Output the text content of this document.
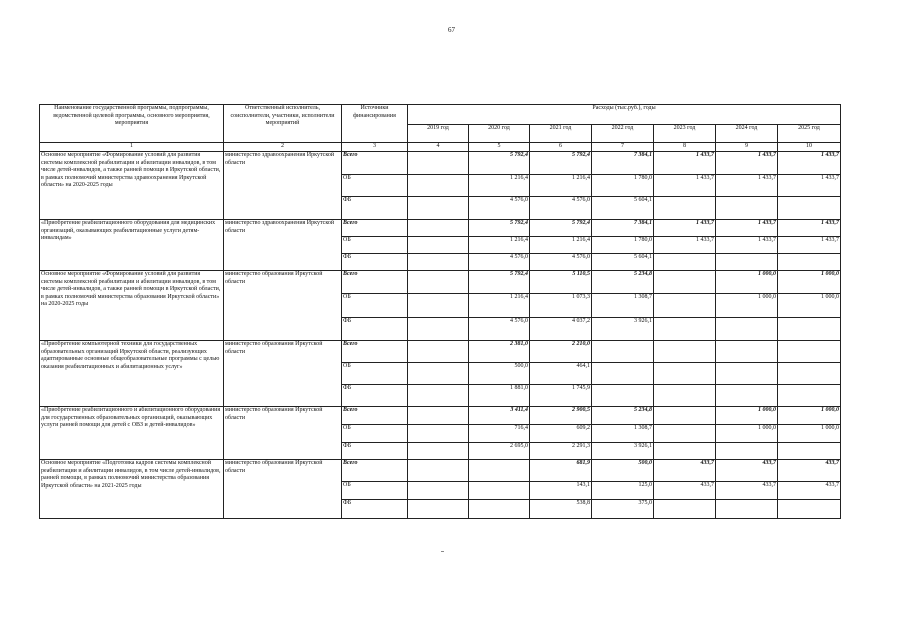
67
Наименование государственной программы, подпрограммы, ведомственной целевой программы, основного мероприятия, мероприятия	Ответственный исполнитель, соисполнители, участники, исполнители мероприятий	Источники финансирования	Расходы (тыс.руб.), годы						
			2019 год	2020 год	2021 год	2022 год	2023 год	2024 год	2025 год
1	2	3	4	5	6	7	8	9	10
Основное мероприятие «Формирование условий для развития системы комплексной реабилитации и абилитации инвалидов, в том числе детей-инвалидов, а также ранней помощи в Иркутской области, в рамках полномочий министерства здравоохранения Иркутской области» на 2020-2025 годы	министерство здравоохранения Иркутской области	Всего		5 792,4	5 792,4	7 384,1	1 433,7	1 433,7	1 433,7
		ОБ		1 216,4	1 216,4	1 780,0	1 433,7	1 433,7	1 433,7
		ФБ		4 576,0	4 576,0	5 604,1			
«Приобретение реабилитационного оборудования для медицинских организаций, оказывающих реабилитационные услуги детям-инвалидам»	министерство здравоохранения Иркутской области	Всего		5 792,4	5 792,4	7 384,1	1 433,7	1 433,7	1 433,7
		ОБ		1 216,4	1 216,4	1 780,0	1 433,7	1 433,7	1 433,7
		ФБ		4 576,0	4 576,0	5 604,1			
Основное мероприятие «Формирование условий для развития системы комплексной реабилитации и абилитации инвалидов, в том числе детей-инвалидов, а также ранней помощи в Иркутской области, в рамках полномочий министерства образования Иркутской области» на 2020-2025 годы	министерство образования Иркутской области	Всего		5 792,4	5 110,5	5 234,8		1 000,0	1 000,0
		ОБ		1 216,4	1 073,3	1 308,7		1 000,0	1 000,0
		ФБ		4 576,0	4 037,2	3 926,1			
«Приобретение компьютерной техники для государственных образовательных организаций Иркутской области, реализующих адаптированные основные общеобразовательные программы с целью оказания реабилитационных и абилитационных услуг»	министерство образования Иркутской области	Всего		2 381,0	2 210,0				
		ОБ		500,0	464,1				
		ФБ		1 881,0	1 745,9				
«Приобретение реабилитационного и абилитационного оборудования для государственных образовательных организаций, оказывающих услуги ранней помощи для детей с ОВЗ и детей-инвалидов»	министерство образования Иркутской области	Всего		3 411,4	2 900,5	5 234,8		1 000,0	1 000,0
		ОБ		716,4	609,2	1 308,7		1 000,0	1 000,0
		ФБ		2 695,0	2 291,3	3 926,1			
Основное мероприятие «Подготовка кадров системы комплексной реабилитации и абилитации инвалидов, в том числе детей-инвалидов, ранней помощи, в рамках полномочий министерства образования Иркутской области» на 2021-2025 годы	министерство образования Иркутской области	Всего			681,9	500,0	433,7	433,7	433,7
		ОБ			143,1	125,0	433,7	433,7	433,7
		ФБ			538,8	375,0			
